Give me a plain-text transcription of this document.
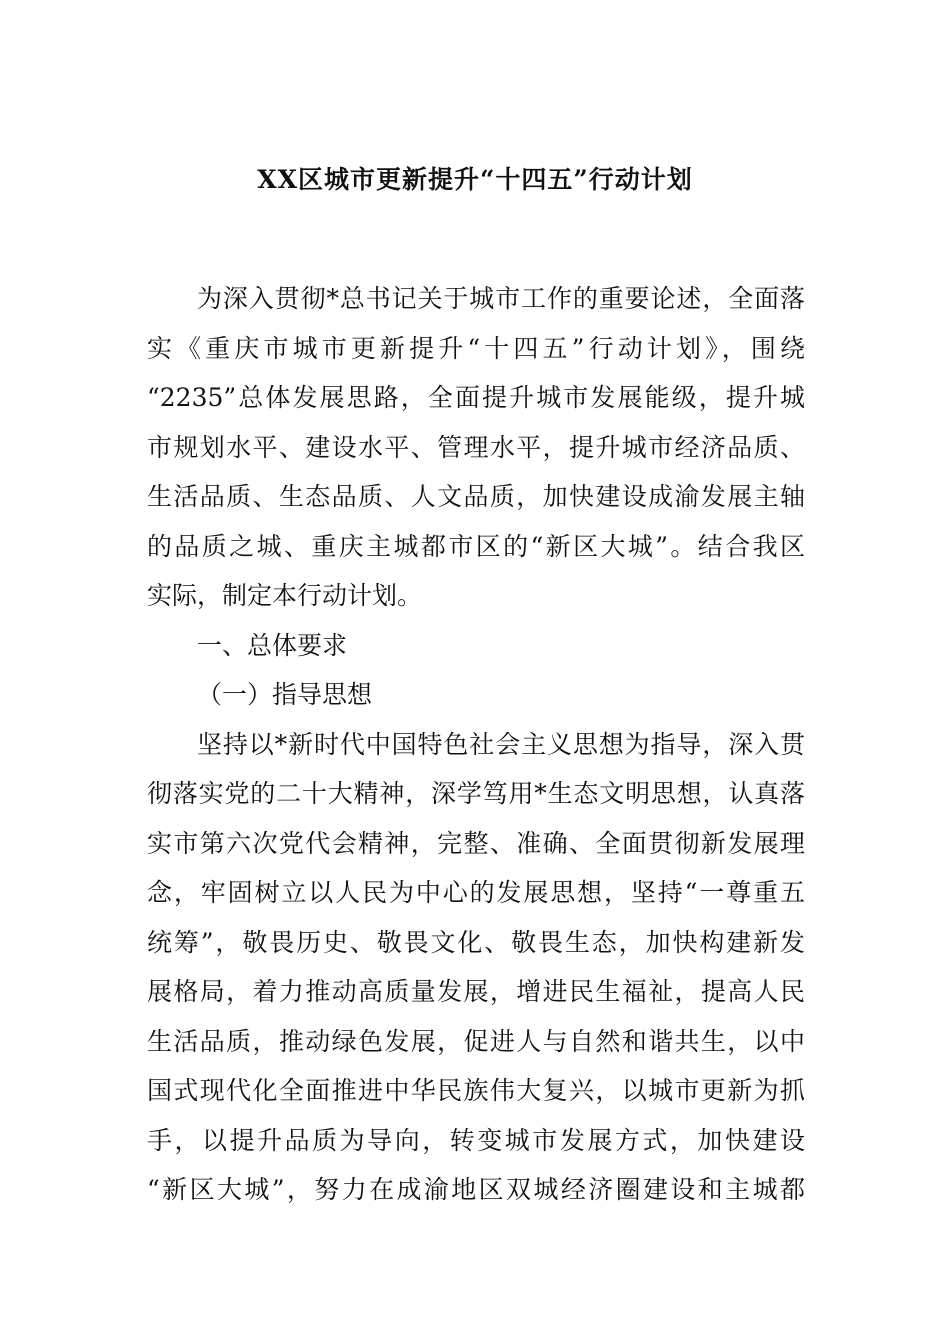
XX区城市更新提升“十四五”行动计划
为深入贯彻*总书记关于城市工作的重要论述，全面落
实《重庆市城市更新提升“十四五”行动计划》，围绕
“2235”总体发展思路，全面提升城市发展能级，提升城
市规划水平、建设水平、管理水平，提升城市经济品质、
生活品质、生态品质、人文品质，加快建设成渝发展主轴
的品质之城、重庆主城都市区的“新区大城”。结合我区
实际，制定本行动计划。
一、总体要求
（一）指导思想
坚持以*新时代中国特色社会主义思想为指导，深入贯
彻落实党的二十大精神，深学笃用*生态文明思想，认真落
实市第六次党代会精神，完整、准确、全面贯彻新发展理
念，牢固树立以人民为中心的发展思想，坚持“一尊重五
统筹”，敬畏历史、敬畏文化、敬畏生态，加快构建新发
展格局，着力推动高质量发展，增进民生福祉，提高人民
生活品质，推动绿色发展，促进人与自然和谐共生，以中
国式现代化全面推进中华民族伟大复兴，以城市更新为抓
手，以提升品质为导向，转变城市发展方式，加快建设
“新区大城”，努力在成渝地区双城经济圈建设和主城都
